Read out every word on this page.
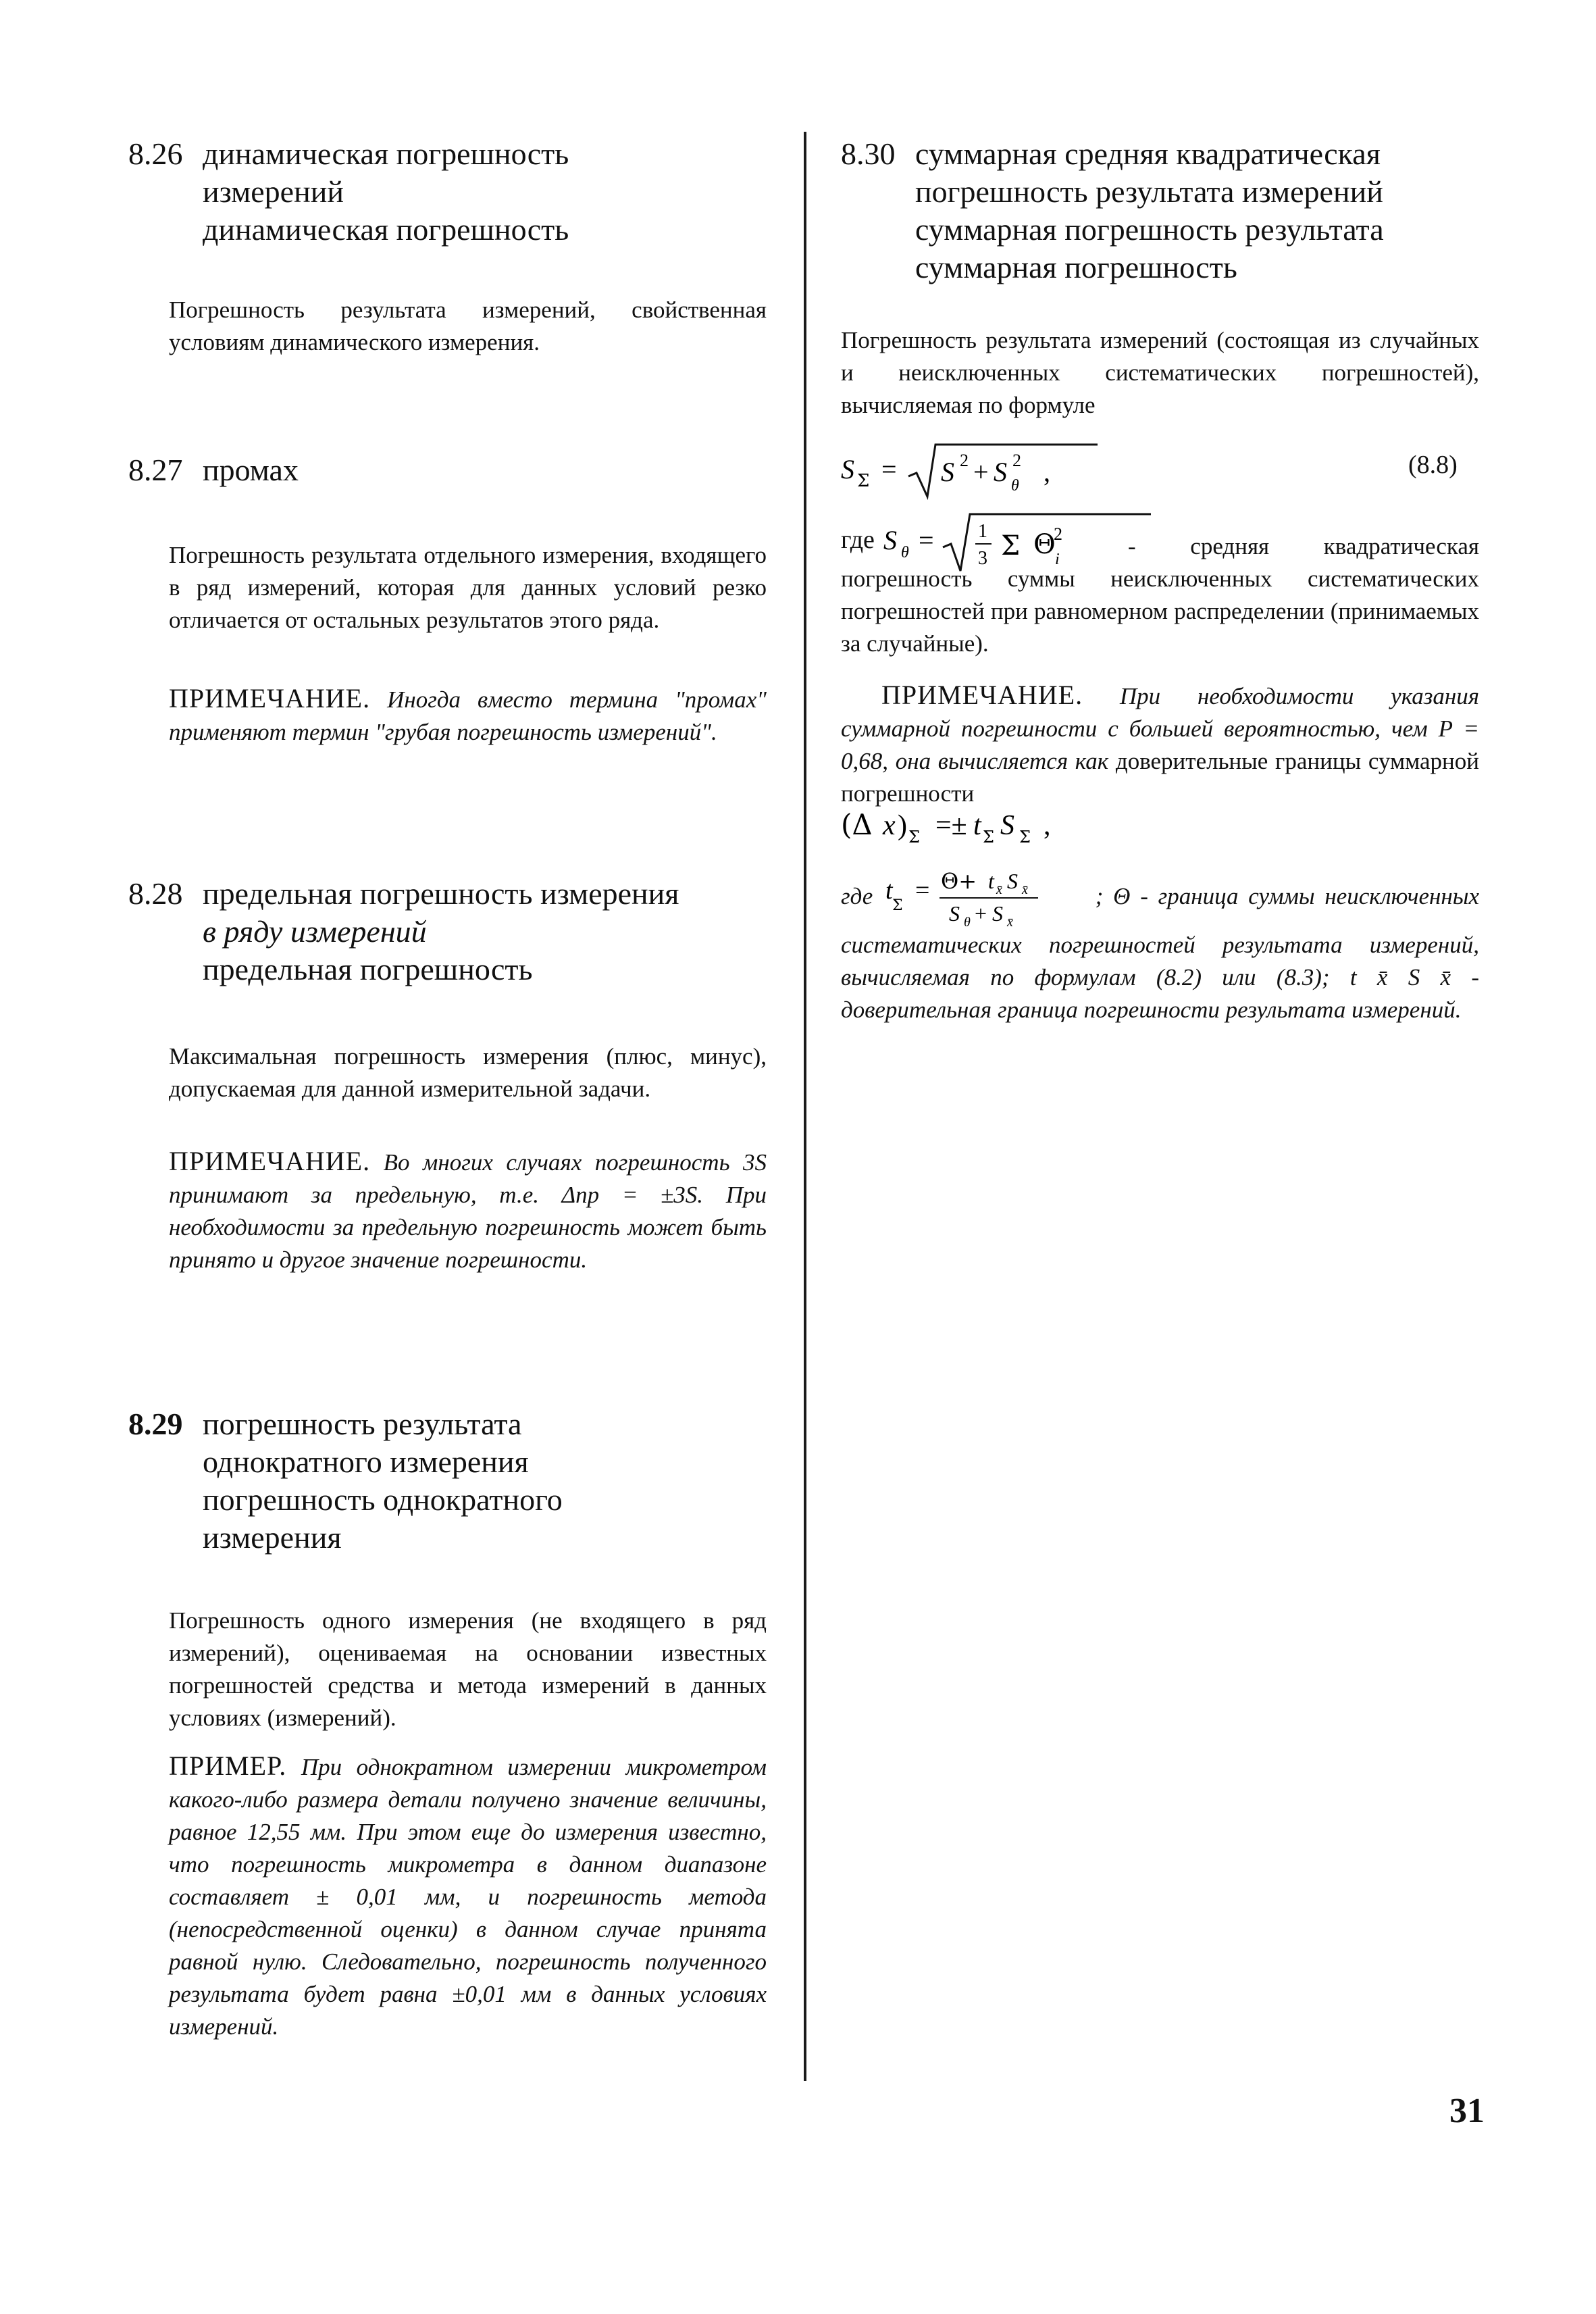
8.26 динамическая погрешность
измерений
динамическая погрешность
Погрешность результата измерений, свойственная условиям динамического измерения.
8.27 промах
Погрешность результата отдельного измерения, входящего в ряд измерений, которая для данных условий резко отличается от остальных результатов этого ряда.
ПРИМЕЧАНИЕ. Иногда вместо термина "промах" применяют термин "грубая погрешность измерений".
8.28 предельная погрешность измерения
в ряду измерений
предельная погрешность
Максимальная погрешность измерения (плюс, минус), допускаемая для данной измерительной задачи.
ПРИМЕЧАНИЕ. Во многих случаях погрешность 3S принимают за предельную, т.е. Δпр = ±3S. При необходимости за предельную погрешность может быть принято и другое значение погрешности.
8.29 погрешность результата
однократного измерения
погрешность однократного
измерения
Погрешность одного измерения (не входящего в ряд измерений), оцениваемая на основании известных погрешностей средства и метода измерений в данных условиях (измерений).
ПРИМЕР. При однократном измерении микрометром какого-либо размера детали получено значение величины, равное 12,55 мм. При этом еще до измерения известно, что погрешность микрометра в данном диапазоне составляет ± 0,01 мм, и погрешность метода (непосредственной оценки) в данном случае принята равной нулю. Следовательно, погрешность полученного результата будет равна ±0,01 мм в данных условиях измерений.
8.30 суммарная средняя квадратическая
погрешность результата измерений
суммарная погрешность результата
суммарная погрешность
Погрешность результата измерений (состоящая из случайных и неисключенных систематических погрешностей), вычисляемая по формуле
S Σ = S 2 + S 2
θ ,	(8.8)
где S θ = 1
3 Σ Θ
2
i	- средняя квадратическая погрешность суммы неисключенных систематических погрешностей при равномерном распределении (принимаемых за случайные).
ПРИМЕЧАНИЕ. При необходимости указания суммарной погрешности с большей вероятностью, чем P = 0,68, она вычисляется как доверительные границы суммарной погрешности
(Δ x ) Σ =± t Σ S Σ ,
где t
Σ
= Θ+ t x̄ S x̄
S θ + S x̄
; Θ - граница суммы неисключенных систематических погрешностей результата измерений, вычисляемая по формулам (8.2) или (8.3); t x̄ S x̄ - доверительная граница погрешности результата измерений.
31
